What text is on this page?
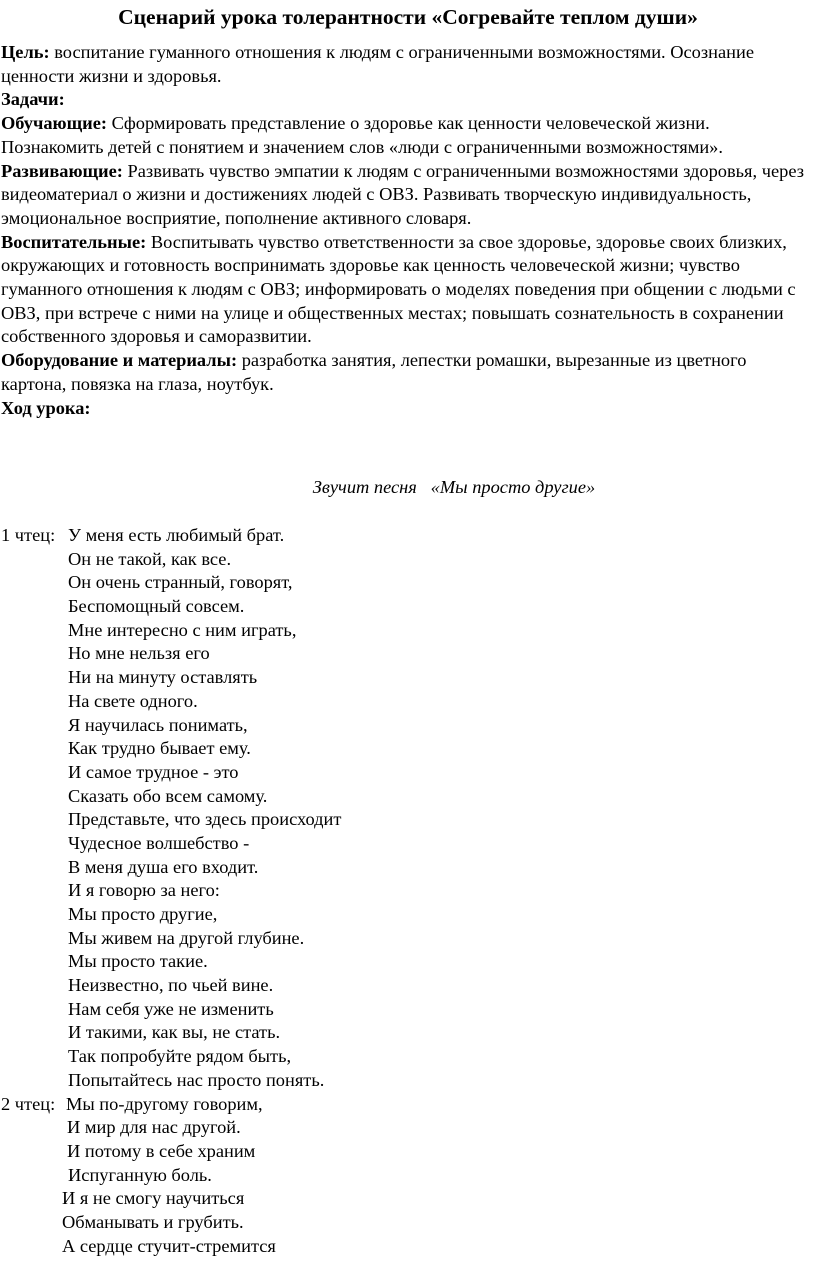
Сценарий урока толерантности «Согревайте теплом души»

Цель: воспитание гуманного отношения к людям с ограниченными возможностями. Осознание ценности жизни и здоровья.

Задачи:

Обучающие: Сформировать представление о здоровье как ценности человеческой жизни. Познакомить детей с понятием и значением слов «люди с ограниченными возможностями».

Развивающие: Развивать чувство эмпатии к людям с ограниченными возможностями здоровья, через видеоматериал о жизни и достижениях людей с ОВЗ. Развивать творческую индивидуальность, эмоциональное восприятие, пополнение активного словаря.

Воспитательные: Воспитывать чувство ответственности за свое здоровье, здоровье своих близких, окружающих и готовность воспринимать здоровье как ценность человеческой жизни; чувство гуманного отношения к людям с ОВЗ; информировать о моделях поведения при общении с людьми с ОВЗ, при встрече с ними на улице и общественных местах; повышать сознательность в сохранении собственного здоровья и саморазвитии.

Оборудование и материалы: разработка занятия, лепестки ромашки, вырезанные из цветного картона, повязка на глаза, ноутбук.

Ход урока:

Звучит песня   «Мы просто другие»
1 чтец: У меня есть любимый брат.
Он не такой, как все.
Он очень странный, говорят,
Беспомощный совсем.
Мне интересно с ним играть,
Но мне нельзя его
Ни на минуту оставлять
На свете одного.
Я научилась понимать,
Как трудно бывает ему.
И самое трудное - это
Сказать обо всем самому.
Представьте, что здесь происходит
Чудесное волшебство -
В меня душа его входит.
И я говорю за него:
Мы просто другие,
Мы живем на другой глубине.
Мы просто такие.
Неизвестно, по чьей вине.
Нам себя уже не изменить
И такими, как вы, не стать.
Так попробуйте рядом быть,
Попытайтесь нас просто понять.
2 чтец: Мы по-другому говорим,
И мир для нас другой.
И потому в себе храним
Испуганную боль.
И я не смогу научиться
Обманывать и грубить.
А сердце стучит-стремится
